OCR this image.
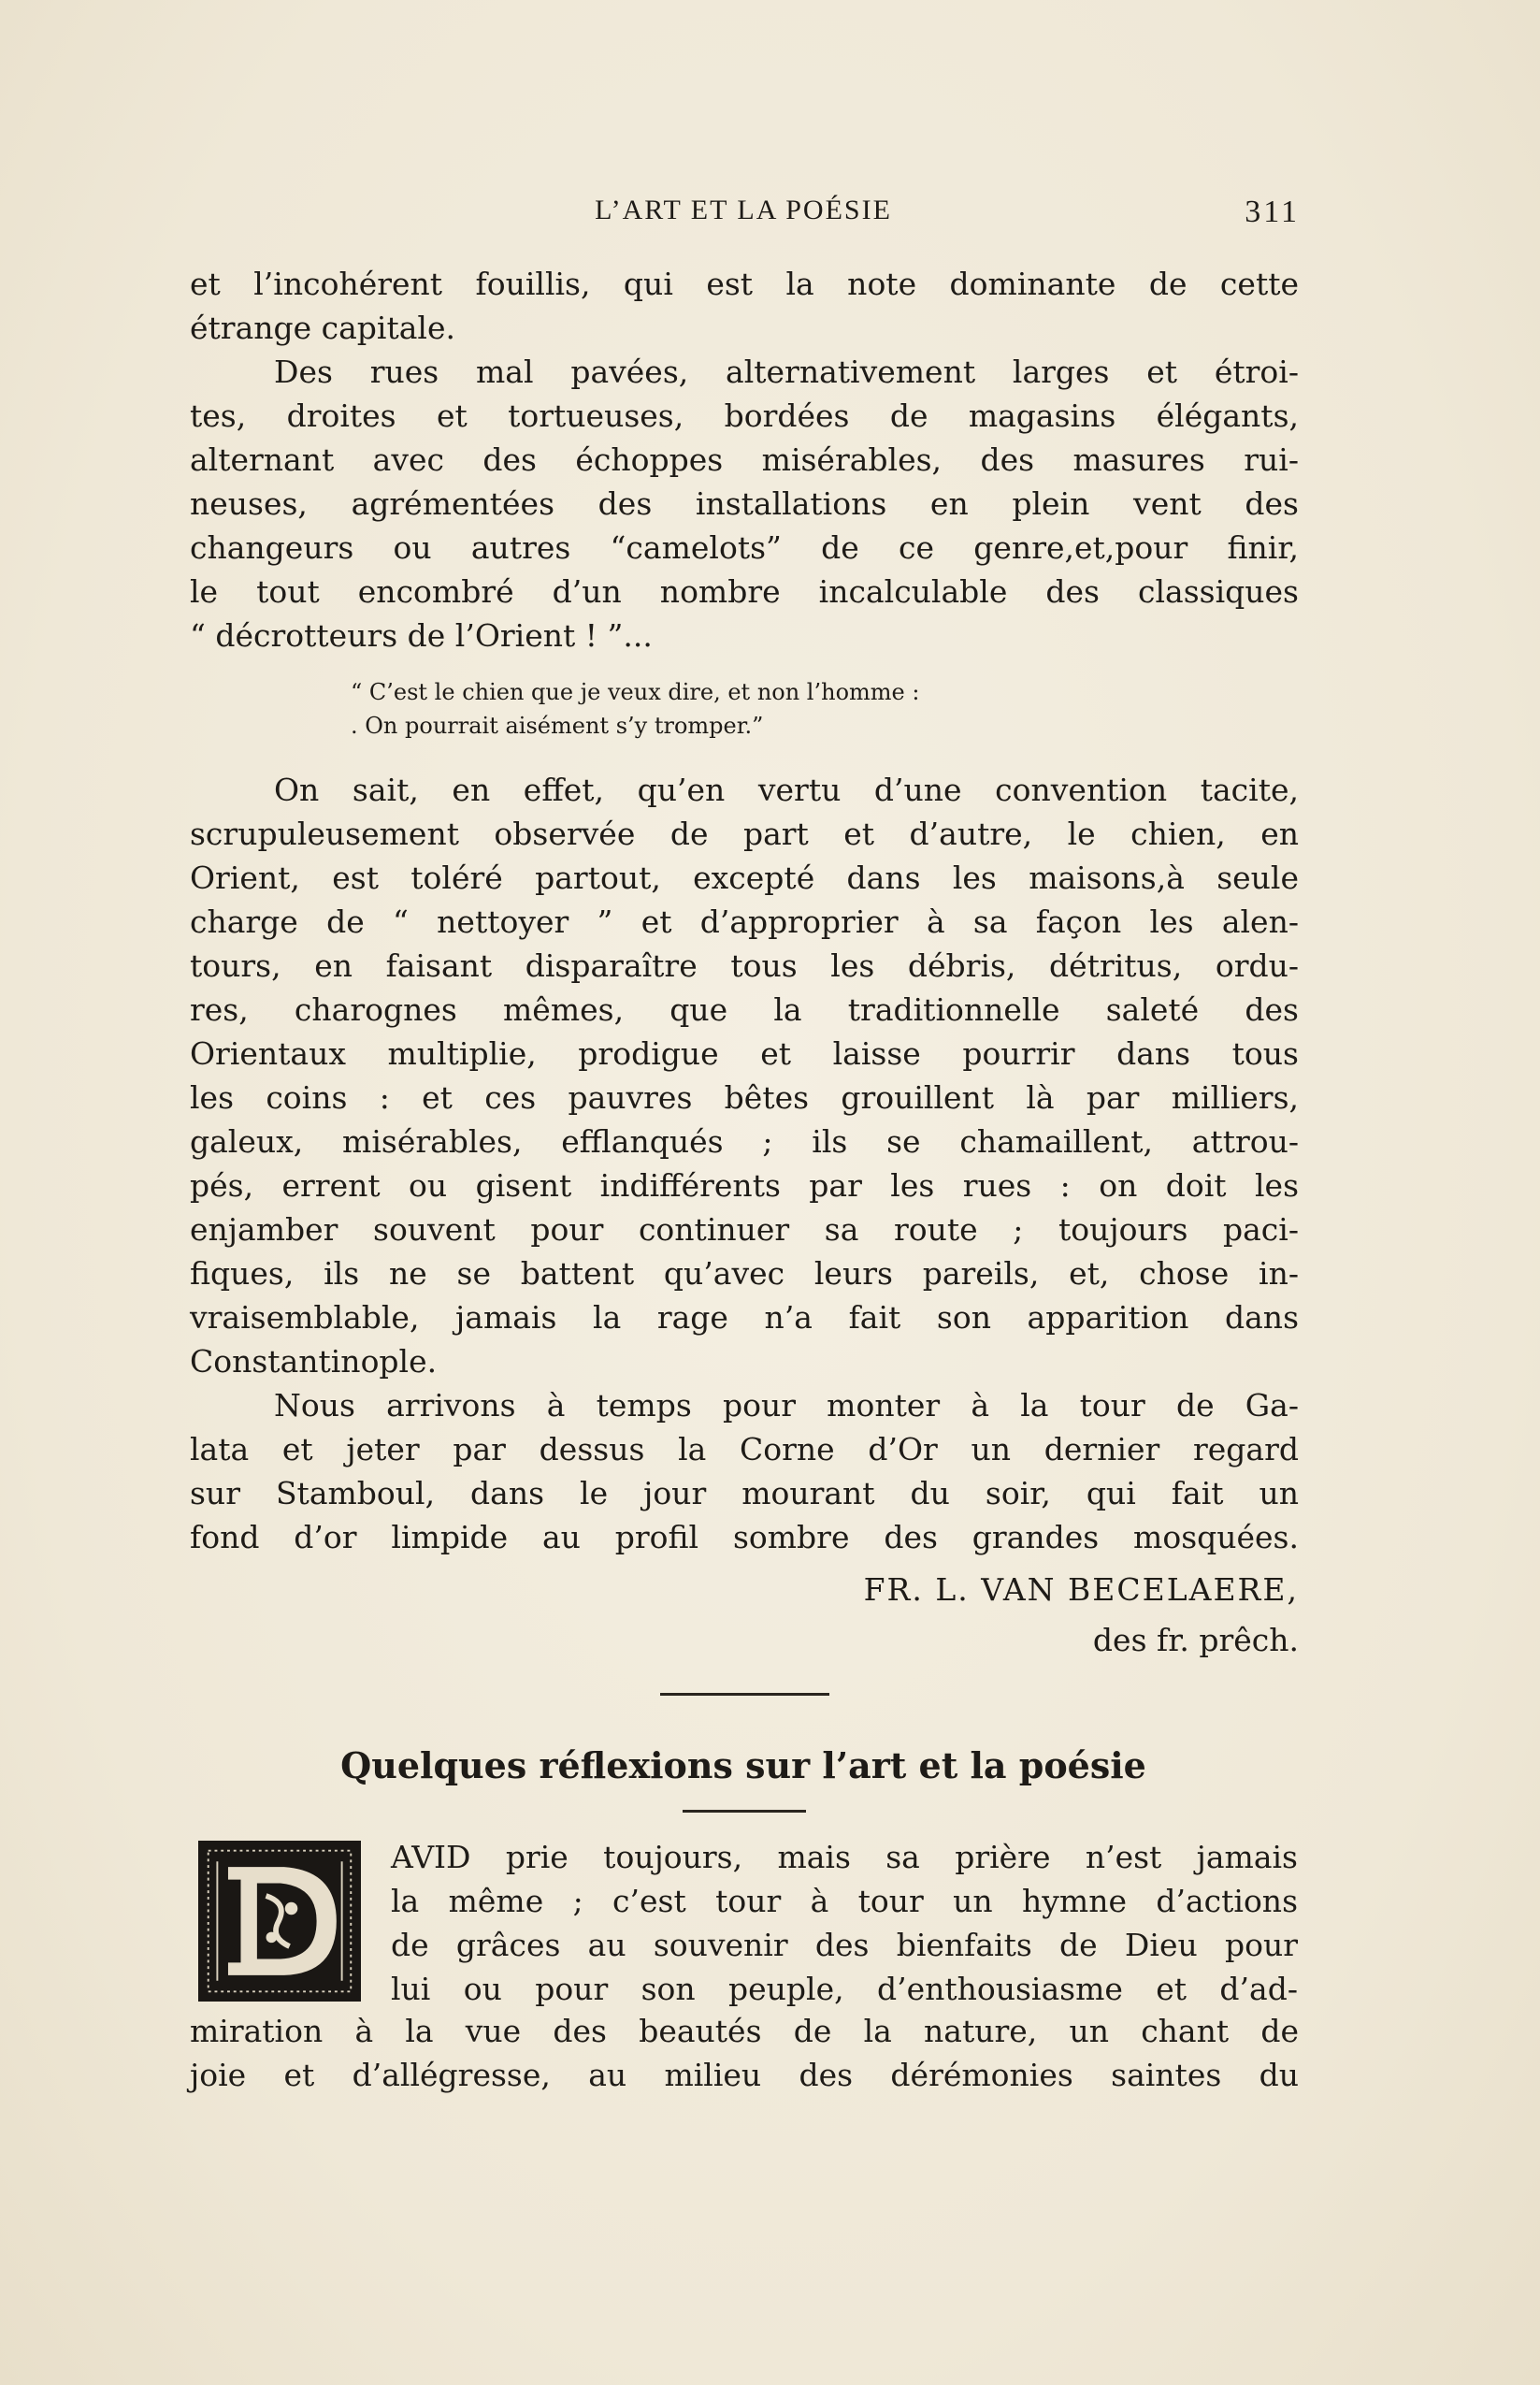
L’ART ET LA POÉSIE	311

et l’incohérent fouillis, qui est la note dominante de cette
étrange capitale.

Des rues mal pavées, alternativement larges et étroi-
tes, droites et tortueuses, bordées de magasins élégants,
alternant avec des échoppes misérables, des masures rui-
neuses, agrémentées des installations en plein vent des
changeurs ou autres “camelots” de ce genre,et,pour finir,
le tout encombré d’un nombre incalculable des classiques
“ décrotteurs de l’Orient ! ”...

“ C’est le chien que je veux dire, et non l’homme :

. On pourrait aisément s’y tromper.”

On sait, en effet, qu’en vertu d’une convention tacite,
scrupuleusement observée de part et d’autre, le chien, en
Orient, est toléré partout, excepté dans les maisons,à seule
charge de “ nettoyer ” et d’approprier à sa façon les alen-
tours, en faisant disparaître tous les débris, détritus, ordu-
res, charognes mêmes, que la traditionnelle saleté des
Orientaux multiplie, prodigue et laisse pourrir dans tous
les coins : et ces pauvres bêtes grouillent là par milliers,
galeux, misérables, efflanqués ; ils se chamaillent, attrou-
pés, errent ou gisent indifférents par les rues : on doit les
enjamber souvent pour continuer sa route ; toujours paci-
fiques, ils ne se battent qu’avec leurs pareils, et, chose in-
vraisemblable, jamais la rage n’a fait son apparition dans
Constantinople.

Nous arrivons à temps pour monter à la tour de Ga-
lata et jeter par dessus la Corne d’Or un dernier regard
sur Stamboul, dans le jour mourant du soir, qui fait un
fond d’or limpide au profil sombre des grandes mosquées.

FR. L. VAN BECELAERE,
des fr. prêch.
Quelques réflexions sur l’art et la poésie

AVID prie toujours, mais sa prière n’est jamais
la même ; c’est tour à tour un hymne d’actions
de grâces au souvenir des bienfaits de Dieu pour
lui ou pour son peuple, d’enthousiasme et d’ad-

miration à la vue des beautés de la nature, un chant de
joie et d’allégresse, au milieu des dérémonies saintes du
